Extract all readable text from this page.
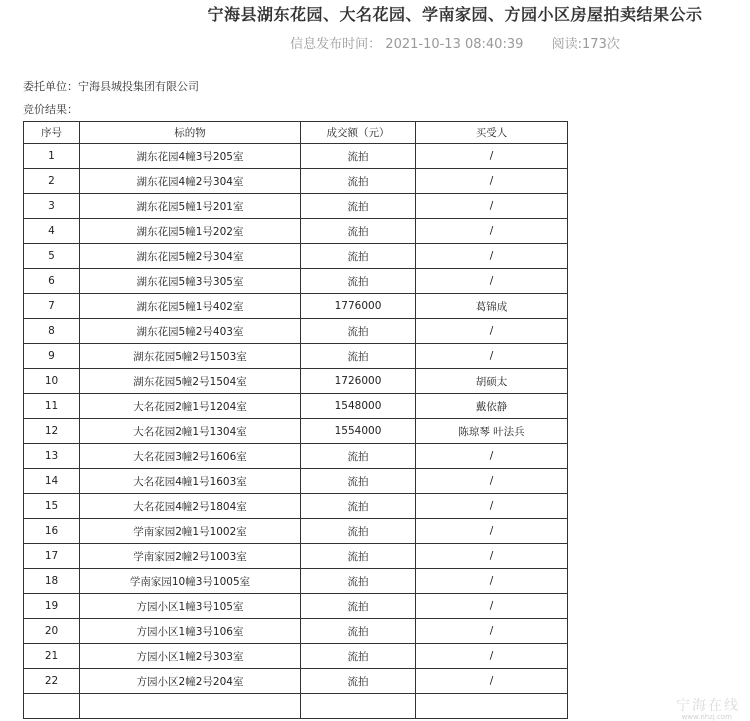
宁海县湖东花园、大名花园、学南家园、方园小区房屋拍卖结果公示
信息发布时间： 2021-10-13 08:40:39 阅读:173次
委托单位：宁海县城投集团有限公司
竞价结果：
序号	标的物	成交额（元）	买受人
1	湖东花园4幢3号205室	流拍	/
2	湖东花园4幢2号304室	流拍	/
3	湖东花园5幢1号201室	流拍	/
4	湖东花园5幢1号202室	流拍	/
5	湖东花园5幢2号304室	流拍	/
6	湖东花园5幢3号305室	流拍	/
7	湖东花园5幢1号402室	1776000	葛锦成
8	湖东花园5幢2号403室	流拍	/
9	湖东花园5幢2号1503室	流拍	/
10	湖东花园5幢2号1504室	1726000	胡硕太
11	大名花园2幢1号1204室	1548000	戴依静
12	大名花园2幢1号1304室	1554000	陈琼琴 叶法兵
13	大名花园3幢2号1606室	流拍	/
14	大名花园4幢1号1603室	流拍	/
15	大名花园4幢2号1804室	流拍	/
16	学南家园2幢1号1002室	流拍	/
17	学南家园2幢2号1003室	流拍	/
18	学南家园10幢3号1005室	流拍	/
19	方园小区1幢3号105室	流拍	/
20	方园小区1幢3号106室	流拍	/
21	方园小区1幢2号303室	流拍	/
22	方园小区2幢2号204室	流拍	/

宁海在线
www.nhzj.com
